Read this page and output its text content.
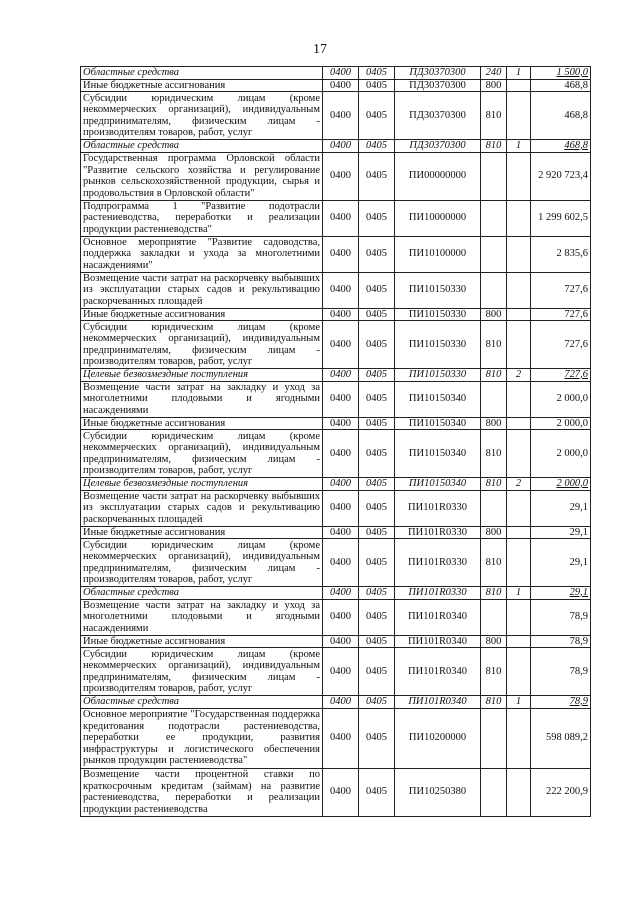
17
Областные средства	0400	0405	ПД30370300	240	1	1 500,0
Иные бюджетные ассигнования	0400	0405	ПД30370300	800		468,8
Субсидии юридическим лицам (кроме некоммерческих организаций), индивидуальным предпринимателям, физическим лицам - производителям товаров, работ, услуг	0400	0405	ПД30370300	810		468,8
Областные средства	0400	0405	ПД30370300	810	1	468,8
Государственная программа Орловской области "Развитие сельского хозяйства и регулирование рынков сельскохозяйственной продукции, сырья и продовольствия в Орловской области"	0400	0405	ПИ00000000			2 920 723,4
Подпрограмма 1 "Развитие подотрасли растениеводства, переработки и реализации продукции растениеводства"	0400	0405	ПИ10000000			1 299 602,5
Основное мероприятие "Развитие садоводства, поддержка закладки и ухода за многолетними насаждениями"	0400	0405	ПИ10100000			2 835,6
Возмещение части затрат на раскорчевку выбывших из эксплуатации старых садов и рекультивацию раскорчеванных площадей	0400	0405	ПИ10150330			727,6
Иные бюджетные ассигнования	0400	0405	ПИ10150330	800		727,6
Субсидии юридическим лицам (кроме некоммерческих организаций), индивидуальным предпринимателям, физическим лицам - производителям товаров, работ, услуг	0400	0405	ПИ10150330	810		727,6
Целевые безвозмездные поступления	0400	0405	ПИ10150330	810	2	727,6
Возмещение части затрат на закладку и уход за многолетними плодовыми и ягодными насаждениями	0400	0405	ПИ10150340			2 000,0
Иные бюджетные ассигнования	0400	0405	ПИ10150340	800		2 000,0
Субсидии юридическим лицам (кроме некоммерческих организаций), индивидуальным предпринимателям, физическим лицам - производителям товаров, работ, услуг	0400	0405	ПИ10150340	810		2 000,0
Целевые безвозмездные поступления	0400	0405	ПИ10150340	810	2	2 000,0
Возмещение части затрат на раскорчевку выбывших из эксплуатации старых садов и рекультивацию раскорчеванных площадей	0400	0405	ПИ101R0330			29,1
Иные бюджетные ассигнования	0400	0405	ПИ101R0330	800		29,1
Субсидии юридическим лицам (кроме некоммерческих организаций), индивидуальным предпринимателям, физическим лицам - производителям товаров, работ, услуг	0400	0405	ПИ101R0330	810		29,1
Областные средства	0400	0405	ПИ101R0330	810	1	29,1
Возмещение части затрат на закладку и уход за многолетними плодовыми и ягодными насаждениями	0400	0405	ПИ101R0340			78,9
Иные бюджетные ассигнования	0400	0405	ПИ101R0340	800		78,9
Субсидии юридическим лицам (кроме некоммерческих организаций), индивидуальным предпринимателям, физическим лицам - производителям товаров, работ, услуг	0400	0405	ПИ101R0340	810		78,9
Областные средства	0400	0405	ПИ101R0340	810	1	78,9
Основное мероприятие "Государственная поддержка кредитования подотрасли растениеводства, переработки ее продукции, развития инфраструктуры и логистического обеспечения рынков продукции растениеводства"	0400	0405	ПИ10200000			598 089,2
Возмещение части процентной ставки по краткосрочным кредитам (займам) на развитие растениеводства, переработки и реализации продукции растениеводства	0400	0405	ПИ10250380			222 200,9
